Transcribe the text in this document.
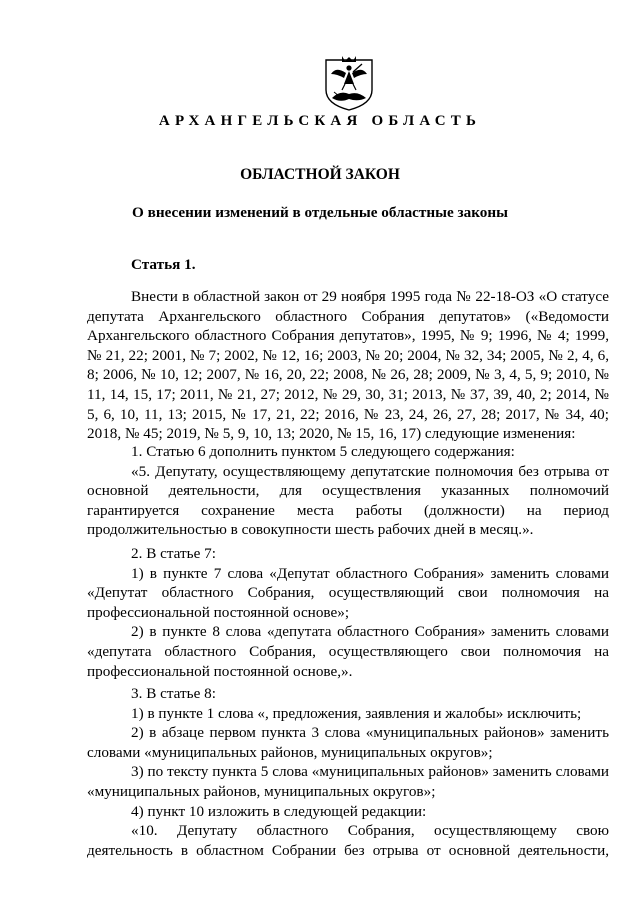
АРХАНГЕЛЬСКАЯ ОБЛАСТЬ
ОБЛАСТНОЙ ЗАКОН
О внесении изменений в отдельные областные законы
Статья 1.

Внести в областной закон от 29 ноября 1995 года № 22-18-ОЗ «О статусе депутата Архангельского областного Собрания депутатов» («Ведомости Архангельского областного Собрания депутатов», 1995, № 9; 1996, № 4; 1999, № 21, 22; 2001, № 7; 2002, № 12, 16; 2003, № 20; 2004, № 32, 34; 2005, № 2, 4, 6, 8; 2006, № 10, 12; 2007, № 16, 20, 22; 2008, № 26, 28; 2009, № 3, 4, 5, 9; 2010, № 11, 14, 15, 17; 2011, № 21, 27; 2012, № 29, 30, 31; 2013, № 37, 39, 40, 2; 2014, № 5, 6, 10, 11, 13; 2015, № 17, 21, 22; 2016, № 23, 24, 26, 27, 28; 2017, № 34, 40; 2018, № 45; 2019, № 5, 9, 10, 13; 2020, № 15, 16, 17) следующие изменения:

1. Статью 6 дополнить пунктом 5 следующего содержания:

«5. Депутату, осуществляющему депутатские полномочия без отрыва от основной деятельности, для осуществления указанных полномочий гарантируется сохранение места работы (должности) на период продолжительностью в совокупности шесть рабочих дней в месяц.».

2. В статье 7:

1) в пункте 7 слова «Депутат областного Собрания» заменить словами «Депутат областного Собрания, осуществляющий свои полномочия на профессиональной постоянной основе»;

2) в пункте 8 слова «депутата областного Собрания» заменить словами «депутата областного Собрания, осуществляющего свои полномочия на профессиональной постоянной основе,».

3. В статье 8:

1) в пункте 1 слова «, предложения, заявления и жалобы» исключить;

2) в абзаце первом пункта 3 слова «муниципальных районов» заменить словами «муниципальных районов, муниципальных округов»;

3) по тексту пункта 5 слова «муниципальных районов» заменить словами «муниципальных районов, муниципальных округов»;

4) пункт 10 изложить в следующей редакции:

«10. Депутату областного Собрания, осуществляющему свою деятельность в областном Собрании без отрыва от основной деятельности,
